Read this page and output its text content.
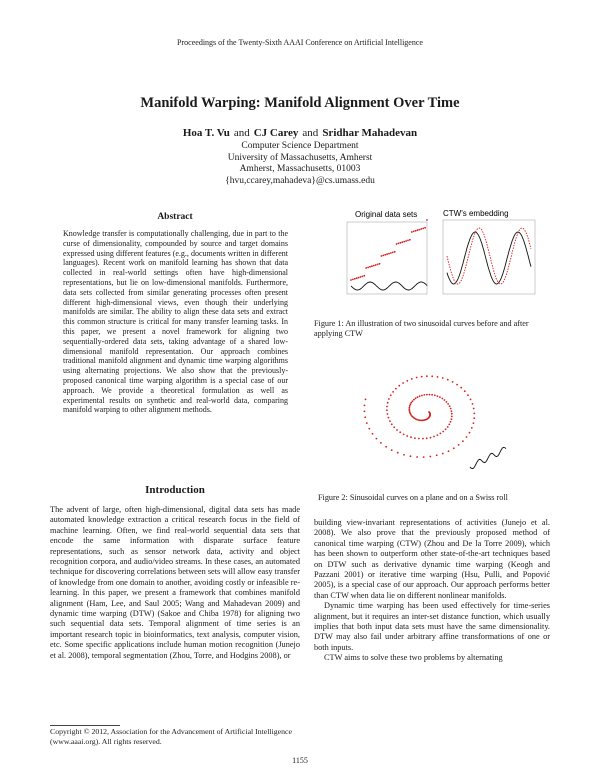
Proceedings of the Twenty-Sixth AAAI Conference on Artificial Intelligence
Manifold Warping: Manifold Alignment Over Time
Hoa T. Vu and CJ Carey and Sridhar Mahadevan
Computer Science Department
University of Massachusetts, Amherst
Amherst, Massachusetts, 01003
{hvu,ccarey,mahadeva}@cs.umass.edu
Abstract
Knowledge transfer is computationally challenging, due in part to the curse of dimensionality, compounded by source and target domains expressed using different features (e.g., documents written in different languages). Recent work on manifold learning has shown that data collected in real-world settings often have high-dimensional representations, but lie on low-dimensional manifolds. Furthermore, data sets collected from similar generating processes often present different high-dimensional views, even though their underlying manifolds are similar. The ability to align these data sets and extract this common structure is critical for many transfer learning tasks. In this paper, we present a novel framework for aligning two sequentially-ordered data sets, taking advantage of a shared low-dimensional manifold representation. Our approach combines traditional manifold alignment and dynamic time warping algorithms using alternating projections. We also show that the previously-proposed canonical time warping algorithm is a special case of our approach. We provide a theoretical formulation as well as experimental results on synthetic and real-world data, comparing manifold warping to other alignment methods.
Introduction

The advent of large, often high-dimensional, digital data sets has made automated knowledge extraction a critical research focus in the field of machine learning. Often, we find real-world sequential data sets that encode the same information with disparate surface feature representations, such as sensor network data, activity and object recognition corpora, and audio/video streams. In these cases, an automated technique for discovering correlations between sets will allow easy transfer of knowledge from one domain to another, avoiding costly or infeasible re-learning. In this paper, we present a framework that combines manifold alignment (Ham, Lee, and Saul 2005; Wang and Mahadevan 2009) and dynamic time warping (DTW) (Sakoe and Chiba 1978) for aligning two such sequential data sets. Temporal alignment of time series is an important research topic in bioinformatics, text analysis, computer vision, etc. Some specific applications include human motion recognition (Junejo et al. 2008), temporal segmentation (Zhou, Torre, and Hodgins 2008), or

Copyright © 2012, Association for the Advancement of Artificial Intelligence (www.aaai.org). All rights reserved.
Original data sets	CTW's embedding
Figure 1: An illustration of two sinusoidal curves before and after applying CTW
Figure 2: Sinusoidal curves on a plane and on a Swiss roll

building view-invariant representations of activities (Junejo et al. 2008). We also prove that the previously proposed method of canonical time warping (CTW) (Zhou and De la Torre 2009), which has been shown to outperform other state-of-the-art techniques based on DTW such as derivative dynamic time warping (Keogh and Pazzani 2001) or iterative time warping (Hsu, Pulli, and Popović 2005), is a special case of our approach. Our approach performs better than CTW when data lie on different nonlinear manifolds.

Dynamic time warping has been used effectively for time-series alignment, but it requires an inter-set distance function, which usually implies that both input data sets must have the same dimensionality. DTW may also fail under arbitrary affine transformations of one or both inputs.

CTW aims to solve these two problems by alternating

1155
